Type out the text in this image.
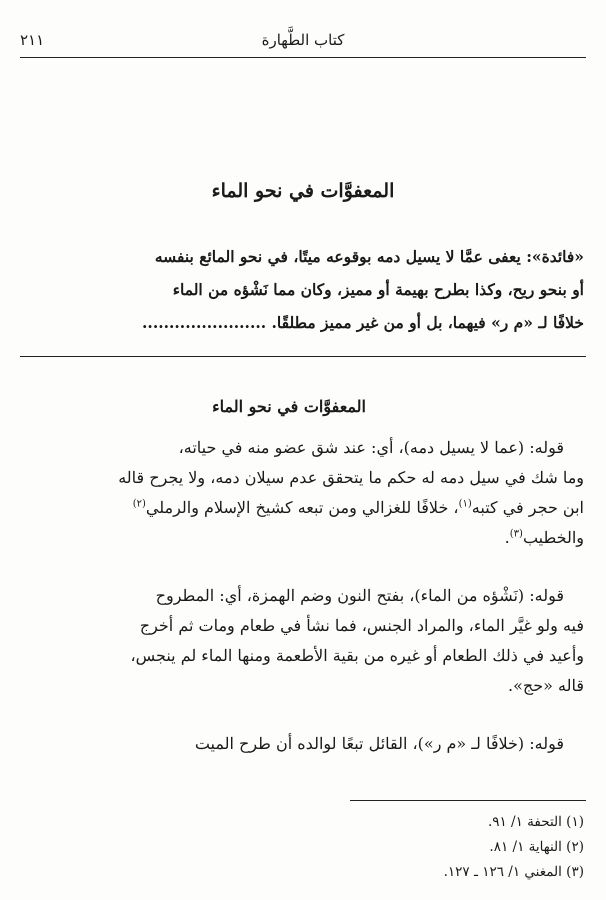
٢١١	كتاب الطَّهارة
المعفوَّات في نحو الماء

«فائدة»: يعفى عمَّا لا يسيل دمه بوقوعه ميتًا، في نحو المائع بنفسه

أو بنحو ريح، وكذا بطرح بهيمة أو مميز، وكان مما نَشْؤه من الماء

خلافًا لـ «م ر» فيهما، بل أو من غير مميز مطلقًا. .......................

المعفوَّات في نحو الماء

قوله: (عما لا يسيل دمه)، أي: عند شق عضو منه في حياته،
وما شك في سيل دمه له حكم ما يتحقق عدم سيلان دمه، ولا يجرح قاله
ابن حجر في كتبه$^{(١)}$، خلافًا للغزالي ومن تبعه كشيخ الإسلام والرملي$^{(٢)}$
والخطيب$^{(٣)}$.

قوله: (نَشْؤه من الماء)، بفتح النون وضم الهمزة، أي: المطروح
فيه ولو غيَّر الماء، والمراد الجنس، فما نشأ في طعام ومات ثم أخرج
وأعيد في ذلك الطعام أو غيره من بقية الأطعمة ومنها الماء لم ينجس،
قاله «حج».

قوله: (خلافًا لـ «م ر»)، القائل تبعًا لوالده أن طرح الميت

(١) التحفة ١/ ٩١.
(٢) النهاية ١/ ٨١.
(٣) المغني ١/ ١٢٦ ـ ١٢٧.
